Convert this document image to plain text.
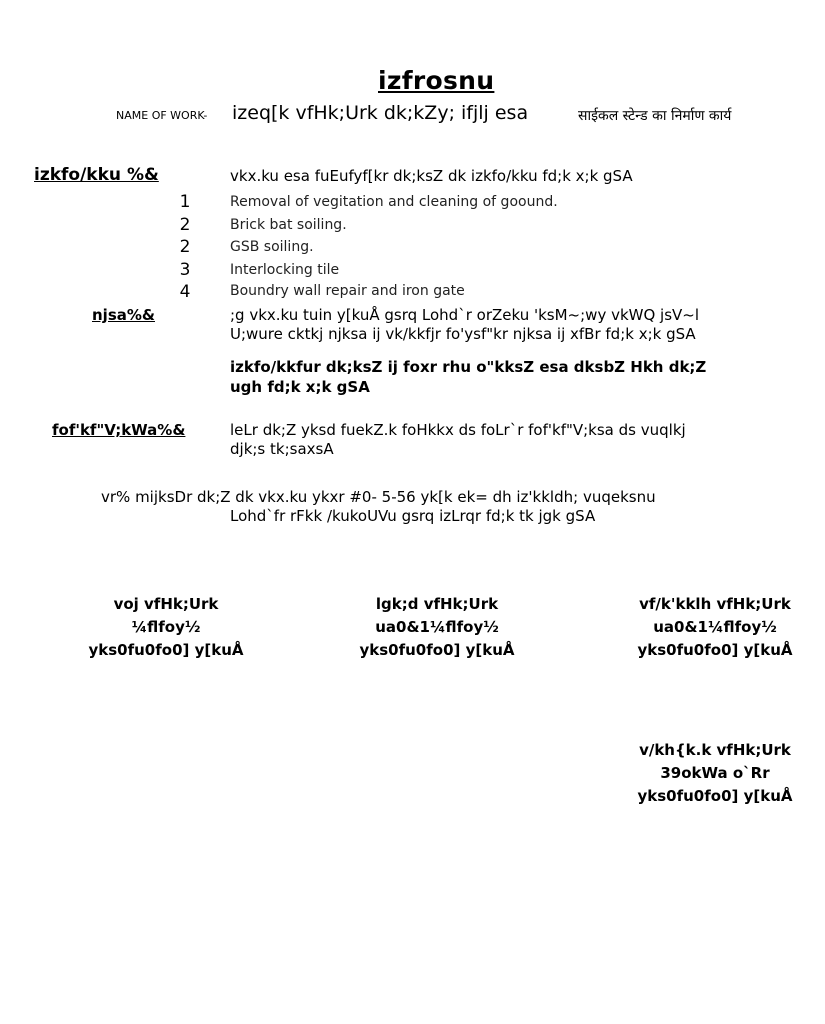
izfrosnu
NAME OF WORK- izeq[k vfHk;Urk dk;kZy; ifjlj esa	साईकल स्टेन्ड का निर्माण कार्य
izkfo/kku %&	vkx.ku esa fuEufyf[kr dk;ksZ dk izkfo/kku fd;k x;k gSA
1	Removal of vegitation and cleaning of goound.
2	Brick bat soiling.
2	GSB soiling.
3	Interlocking tile
4	Boundry wall repair and iron gate
njsa%&	;g vkx.ku tuin y[kuÅ gsrq Lohd`r orZeku 'ksM~;wy vkWQ jsV~l
U;wure cktkj njksa ij vk/kkfjr fo'ysf"kr njksa ij xfBr fd;k x;k gSA
izkfo/kkfur dk;ksZ ij foxr rhu o"kksZ esa dksbZ Hkh dk;Z
ugh fd;k x;k gSA
fof'kf"V;kWa%&	leLr dk;Z yksd fuekZ.k foHkkx ds foLr`r fof'kf"V;ksa ds vuqlkj
djk;s tk;saxsA
vr% mijksDr dk;Z dk vkx.ku ykxr #0- 5-56 yk[k ek= dh iz'kkldh; vuqeksnu
Lohd`fr rFkk /kukoUVu gsrq izLrqr fd;k tk jgk gSA
voj vfHk;Urk
¼flfoy½
yks0fu0fo0] y[kuÅ
lgk;d vfHk;Urk
ua0&1¼flfoy½
yks0fu0fo0] y[kuÅ
vf/k'kklh vfHk;Urk
ua0&1¼flfoy½
yks0fu0fo0] y[kuÅ
v/kh{k.k vfHk;Urk
39okWa o`Rr
yks0fu0fo0] y[kuÅ
